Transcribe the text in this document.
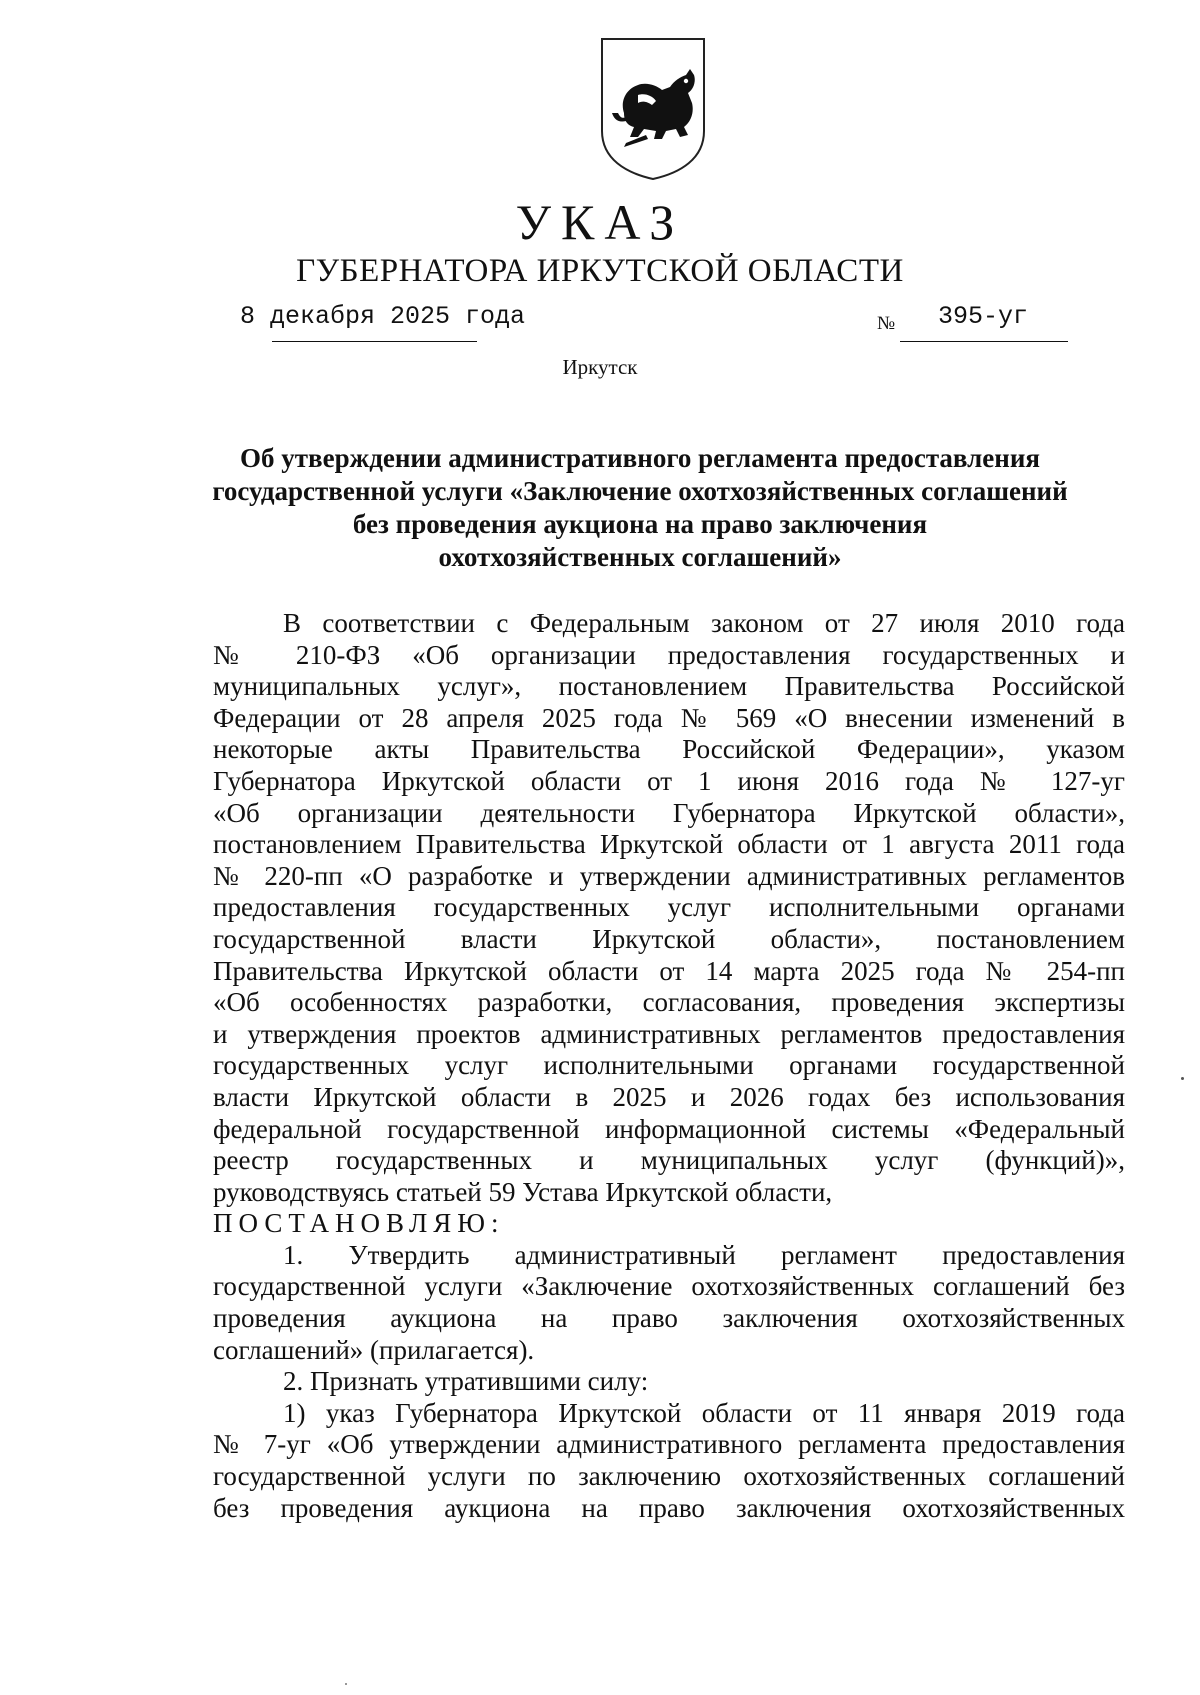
УКАЗ
ГУБЕРНАТОРА ИРКУТСКОЙ ОБЛАСТИ
8 декабря 2025 года	№ 395-уг
Иркутск
Об утверждении административного регламента предоставления
государственной услуги «Заключение охотхозяйственных соглашений
без проведения аукциона на право заключения
охотхозяйственных соглашений»
В соответствии с Федеральным законом от 27 июля 2010 года
№ 210-ФЗ «Об организации предоставления государственных и
муниципальных услуг», постановлением Правительства Российской
Федерации от 28 апреля 2025 года № 569 «О внесении изменений в
некоторые акты Правительства Российской Федерации», указом
Губернатора Иркутской области от 1 июня 2016 года № 127-уг
«Об организации деятельности Губернатора Иркутской области»,
постановлением Правительства Иркутской области от 1 августа 2011 года
№ 220-пп «О разработке и утверждении административных регламентов
предоставления государственных услуг исполнительными органами
государственной власти Иркутской области», постановлением
Правительства Иркутской области от 14 марта 2025 года № 254-пп
«Об особенностях разработки, согласования, проведения экспертизы
и утверждения проектов административных регламентов предоставления
государственных услуг исполнительными органами государственной
власти Иркутской области в 2025 и 2026 годах без использования
федеральной государственной информационной системы «Федеральный
реестр государственных и муниципальных услуг (функций)»,
руководствуясь статьей 59 Устава Иркутской области,
ПОСТАНОВЛЯЮ:
1. Утвердить административный регламент предоставления
государственной услуги «Заключение охотхозяйственных соглашений без
проведения аукциона на право заключения охотхозяйственных
соглашений» (прилагается).
2. Признать утратившими силу:
1) указ Губернатора Иркутской области от 11 января 2019 года
№ 7-уг «Об утверждении административного регламента предоставления
государственной услуги по заключению охотхозяйственных соглашений
без проведения аукциона на право заключения охотхозяйственных
